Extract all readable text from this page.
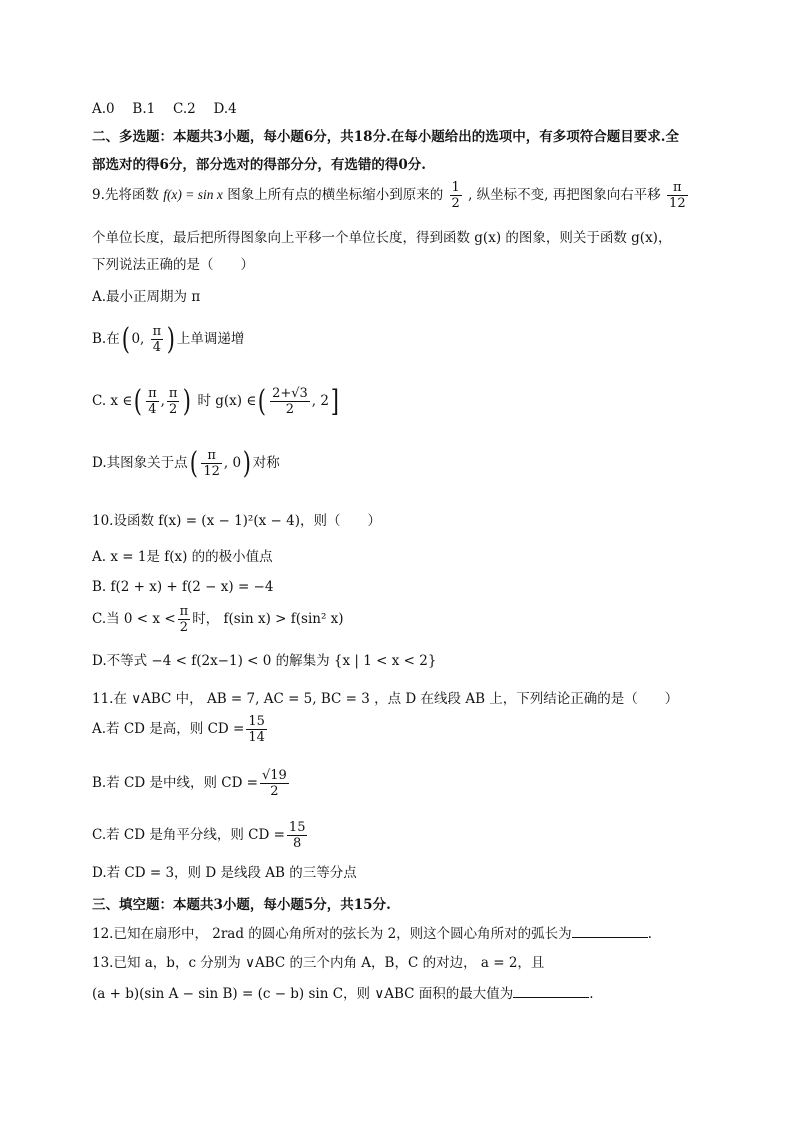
A.0　 B.1　 C.2　 D.4
二、多选题：本题共3小题，每小题6分，共18分.在每小题给出的选项中，有多项符合题目要求.全
部选对的得6分，部分选对的得部分分，有选错的得0分.
9.先将函数 f(x) = sin x 图象上所有点的横坐标缩小到原来的 $\frac{1}{2}$ , 纵坐标不变, 再把图象向右平移 $\frac{\pi}{12}$
个单位长度，最后把所得图象向上平移一个单位长度，得到函数 g(x) 的图象，则关于函数 g(x)，
下列说法正确的是（　　）
A.最小正周期为 π
B.在( 0, $\frac{\pi}{4}$ ) 上单调递增
C. x ∈( $\frac{\pi}{4}$ , $\frac{\pi}{2}$ ) 时 g(x) ∈( $\frac{2+√3}{2}$ , 2]
D.其图象关于点( $\frac{\pi}{12}$ , 0) 对称
10.设函数 f(x) = (x − 1)²(x − 4)，则（　　）
A. x = 1是 f(x) 的的极小值点
B. f(2 + x) + f(2 − x) = −4
C.当 $0 < x < \frac{\pi}{2}$ 时， f(sin x) > f(sin² x)
D.不等式 −4 < f(2x−1) < 0 的解集为 {x | 1 < x < 2}
11.在 ∨ABC 中， AB = 7, AC = 5, BC = 3 ，点 D 在线段 AB 上，下列结论正确的是（　　）
A.若 CD 是高，则 CD = $\frac{15}{14}$
B.若 CD 是中线，则 CD = $\frac{√19}{2}$
C.若 CD 是角平分线，则 CD = $\frac{15}{8}$
D.若 CD = 3，则 D 是线段 AB 的三等分点
三、填空题：本题共3小题，每小题5分，共15分.
12.已知在扇形中， 2rad 的圆心角所对的弦长为 2，则这个圆心角所对的弧长为	.
13.已知 a，b，c 分别为 ∨ABC 的三个内角 A，B，C 的对边， a = 2，且
(a + b)(sin A − sin B) = (c − b) sin C，则 ∨ABC 面积的最大值为	.
